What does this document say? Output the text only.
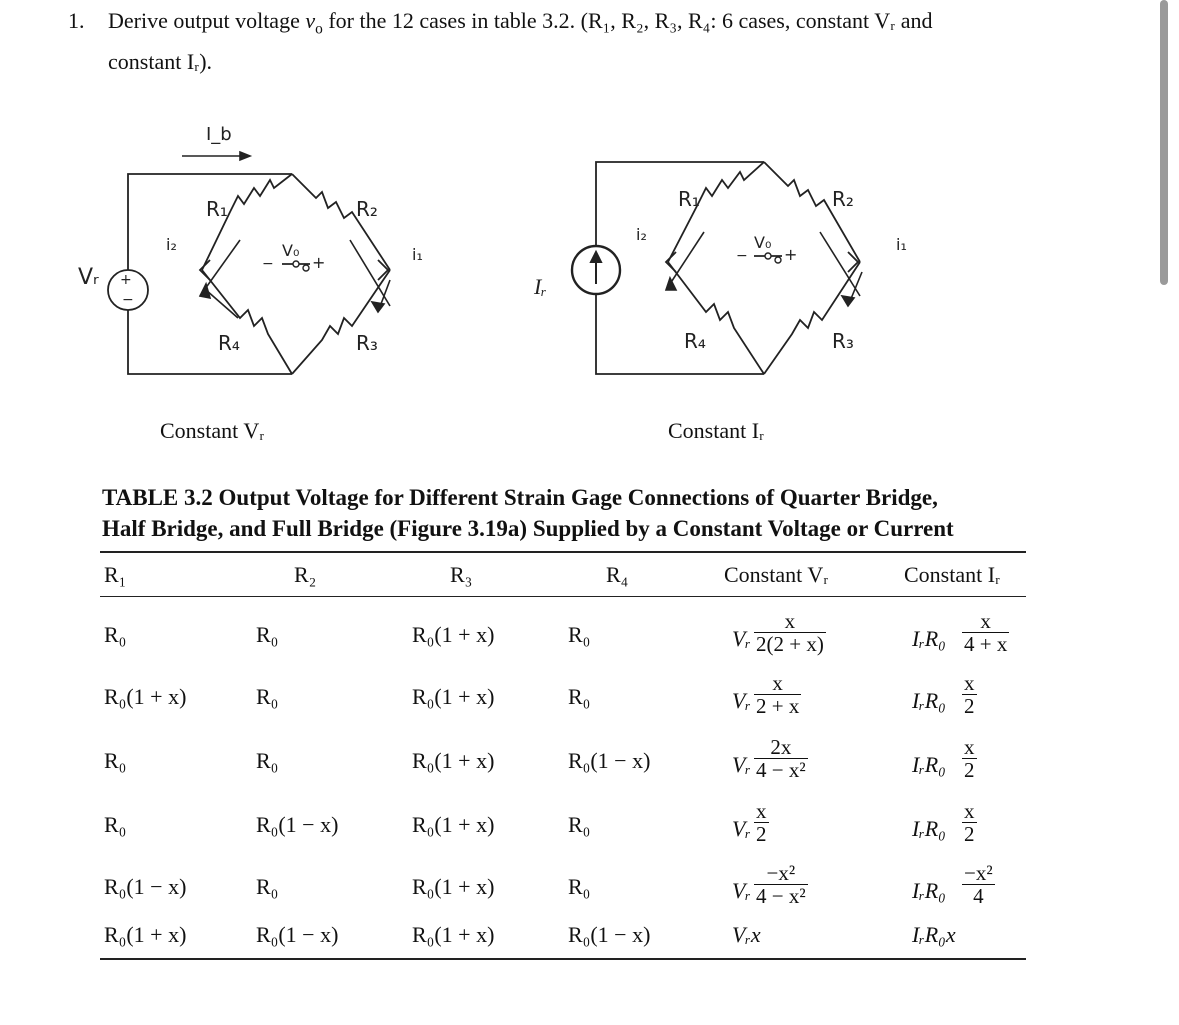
1. Derive output voltage $v_o$ for the 12 cases in table 3.2. (R₁, R₂, R₃, R₄: 6 cases, constant Vᵣ and
constant Iᵣ).
+
−
− +
Vᵣ
I_b
R₁	R₂
R₃
R₄
i₁
i₂	V₀
Constant Vᵣ
− +
Iᵣ
R₁	R₂
R₃
R₄
i₁
i₂	V₀
Constant Iᵣ
TABLE 3.2 Output Voltage for Different Strain Gage Connections of Quarter Bridge,
Half Bridge, and Full Bridge (Figure 3.19a) Supplied by a Constant Voltage or Current
R₁	R₂	R₃	R₄	Constant Vᵣ	Constant Iᵣ
R₀	R₀	R₀(1 + x)	R₀	Vᵣ $\frac{x}{2(2 + x)}$	IᵣR₀ $\frac{x}{4 + x}$
R₀(1 + x)	R₀	R₀(1 + x)	R₀	Vᵣ $\frac{x}{2 + x}$	IᵣR₀ $\frac{x}{2}$
R₀	R₀	R₀(1 + x)	R₀(1 − x)	Vᵣ $\frac{2x}{\text{4 − x²}}$	IᵣR₀ $\frac{x}{2}$
R₀	R₀(1 − x)	R₀(1 + x)	R₀	Vᵣ $\frac{x}{2}$	IᵣR₀ $\frac{x}{2}$
R₀(1 − x)	R₀	R₀(1 + x)	R₀	Vᵣ $\frac{\text{−x²}}{\text{4 − x²}}$	IᵣR₀ $\frac{\text{−x²}}{4}$
R₀(1 + x)	R₀(1 − x)	R₀(1 + x)	R₀(1 − x)	Vᵣx	IᵣR₀x
